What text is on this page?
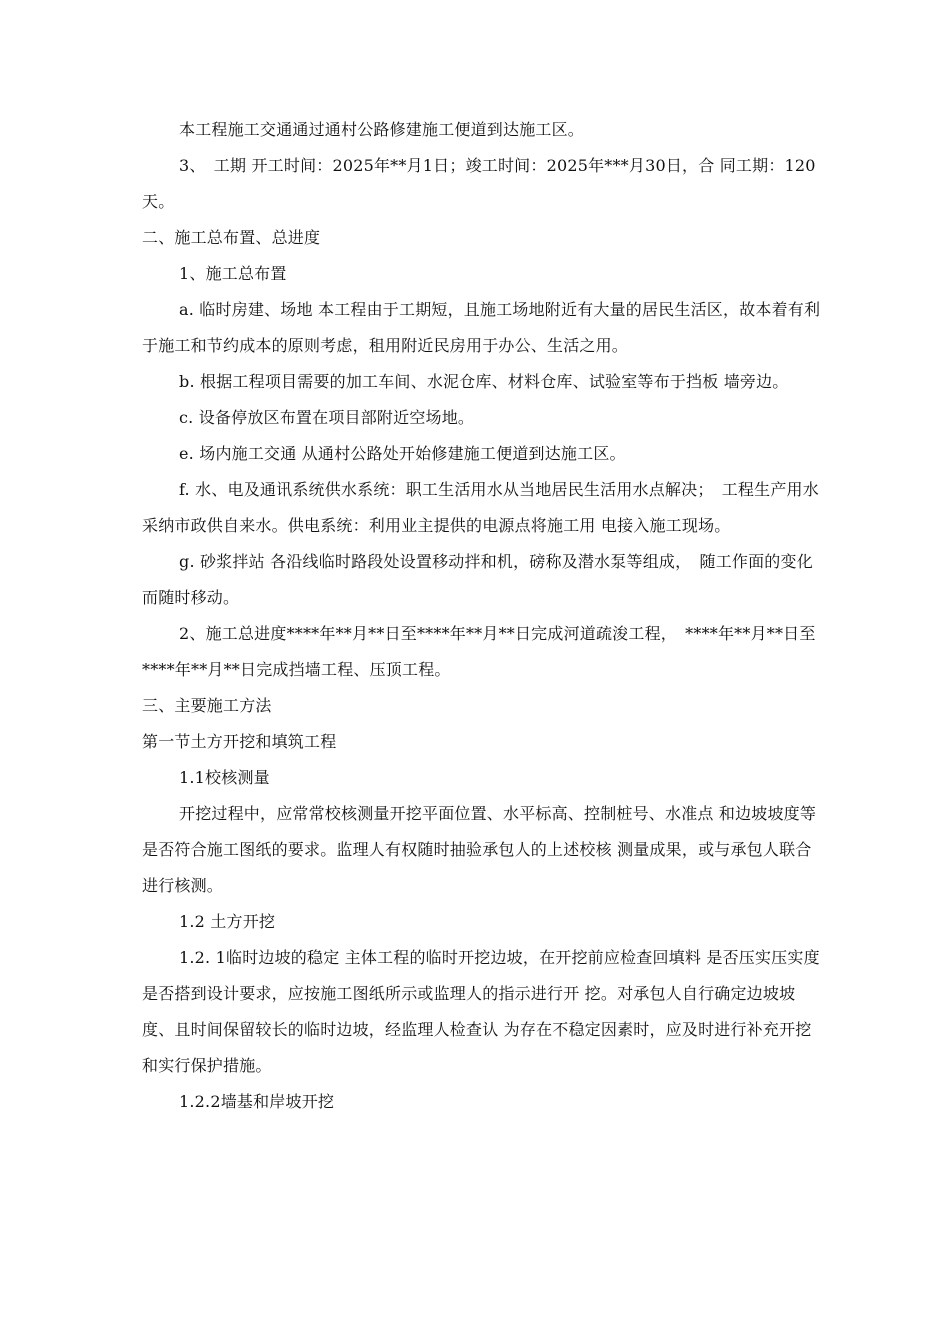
本工程施工交通通过通村公路修建施工便道到达施工区。

3、　工期 开工时间：2025年**月1日；竣工时间：2025年***月30日，合 同工期：120天。

二、施工总布置、总进度

1、施工总布置

a. 临时房建、场地 本工程由于工期短，且施工场地附近有大量的居民生活区，故本着有利于施工和节约成本的原则考虑，租用附近民房用于办公、生活之用。

b. 根据工程项目需要的加工车间、水泥仓库、材料仓库、试验室等布于挡板 墙旁边。

c. 设备停放区布置在项目部附近空场地。

e. 场内施工交通 从通村公路处开始修建施工便道到达施工区。

f. 水、电及通讯系统供水系统：职工生活用水从当地居民生活用水点解决；　工程生产用水采纳市政供自来水。供电系统：利用业主提供的电源点将施工用 电接入施工现场。

g. 砂浆拌站 各沿线临时路段处设置移动拌和机，磅称及潜水泵等组成，　随工作面的变化而随时移动。

2、施工总进度****年**月**日至****年**月**日完成河道疏浚工程，　****年**月**日至****年**月**日完成挡墙工程、压顶工程。

三、主要施工方法

第一节土方开挖和填筑工程

1.1校核测量

开挖过程中，应常常校核测量开挖平面位置、水平标高、控制桩号、水准点 和边坡坡度等是否符合施工图纸的要求。监理人有权随时抽验承包人的上述校核 测量成果，或与承包人联合进行核测。

1.2 土方开挖

1.2. 1临时边坡的稳定 主体工程的临时开挖边坡，在开挖前应检查回填料 是否压实压实度是否搭到设计要求，应按施工图纸所示或监理人的指示进行开 挖。对承包人自行确定边坡坡度、且时间保留较长的临时边坡，经监理人检查认 为存在不稳定因素时，应及时进行补充开挖和实行保护措施。

1.2.2墙基和岸坡开挖
